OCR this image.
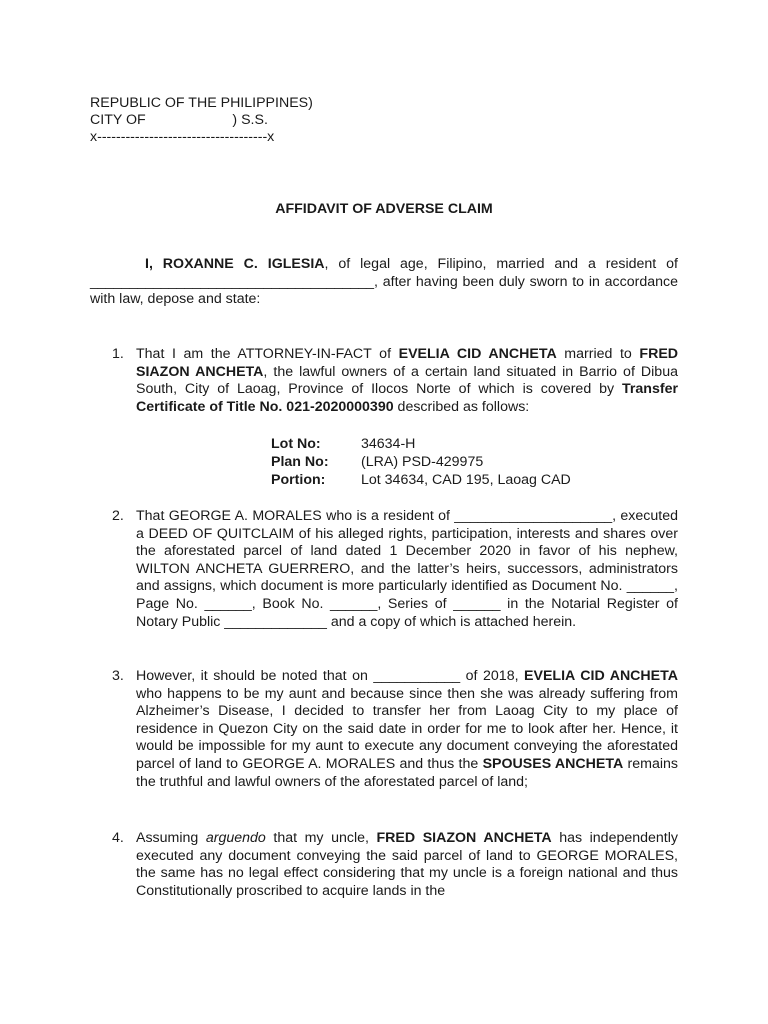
REPUBLIC OF THE PHILIPPINES)
CITY OF                      ) S.S.
x------------------------------------x
AFFIDAVIT OF ADVERSE CLAIM
I, ROXANNE C. IGLESIA, of legal age, Filipino, married and a resident of ____________________________________, after having been duly sworn to in accordance with law, depose and state:
1. That I am the ATTORNEY-IN-FACT of EVELIA CID ANCHETA married to FRED SIAZON ANCHETA, the lawful owners of a certain land situated in Barrio of Dibua South, City of Laoag, Province of Ilocos Norte of which is covered by Transfer Certificate of Title No. 021-2020000390 described as follows:
Lot No:	34634-H
Plan No: (LRA) PSD-429975
Portion:	Lot 34634, CAD 195, Laoag CAD
2. That GEORGE A. MORALES who is a resident of ____________________, executed a DEED OF QUITCLAIM of his alleged rights, participation, interests and shares over the aforestated parcel of land dated 1 December 2020 in favor of his nephew, WILTON ANCHETA GUERRERO, and the latter’s heirs, successors, administrators and assigns, which document is more particularly identified as Document No. ______, Page No. ______, Book No. ______, Series of ______ in the Notarial Register of Notary Public _____________ and a copy of which is attached herein.
3. However, it should be noted that on ___________ of 2018, EVELIA CID ANCHETA who happens to be my aunt and because since then she was already suffering from Alzheimer’s Disease, I decided to transfer her from Laoag City to my place of residence in Quezon City on the said date in order for me to look after her. Hence, it would be impossible for my aunt to execute any document conveying the aforestated parcel of land to GEORGE A. MORALES and thus the SPOUSES ANCHETA remains the truthful and lawful owners of the aforestated parcel of land;
4. Assuming arguendo that my uncle, FRED SIAZON ANCHETA has independently executed any document conveying the said parcel of land to GEORGE MORALES, the same has no legal effect considering that my uncle is a foreign national and thus Constitutionally proscribed to acquire lands in the
